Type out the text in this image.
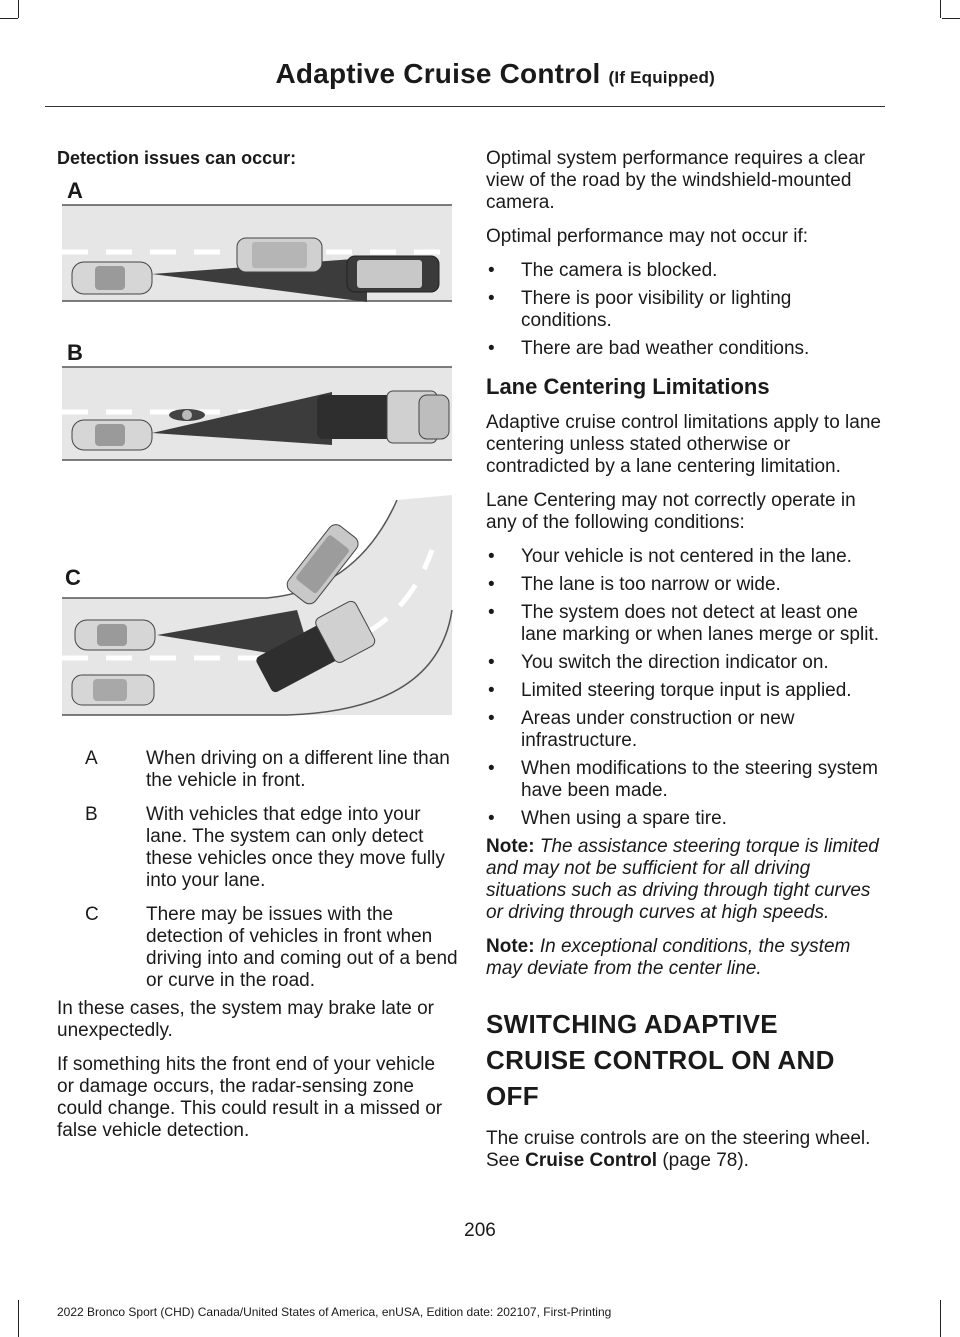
Adaptive Cruise Control (If Equipped)
Detection issues can occur:
A
B
C
A	When driving on a different line than the vehicle in front.
B	With vehicles that edge into your lane. The system can only detect these vehicles once they move fully into your lane.
C	There may be issues with the detection of vehicles in front when driving into and coming out of a bend or curve in the road.

In these cases, the system may brake late or unexpectedly.

If something hits the front end of your vehicle or damage occurs, the radar-sensing zone could change. This could result in a missed or false vehicle detection.

Optimal system performance requires a clear view of the road by the windshield-mounted camera.

Optimal performance may not occur if:

• The camera is blocked.
• There is poor visibility or lighting conditions.
• There are bad weather conditions.
Lane Centering Limitations

Adaptive cruise control limitations apply to lane centering unless stated otherwise or contradicted by a lane centering limitation.

Lane Centering may not correctly operate in any of the following conditions:

• Your vehicle is not centered in the lane.
• The lane is too narrow or wide.
• The system does not detect at least one lane marking or when lanes merge or split.
• You switch the direction indicator on.
• Limited steering torque input is applied.
• Areas under construction or new infrastructure.
• When modifications to the steering system have been made.
• When using a spare tire.

Note: The assistance steering torque is limited and may not be sufficient for all driving situations such as driving through tight curves or driving through curves at high speeds.

Note: In exceptional conditions, the system may deviate from the center line.

SWITCHING ADAPTIVE
CRUISE CONTROL ON AND OFF

The cruise controls are on the steering wheel. See Cruise Control (page 78).

206
2022 Bronco Sport (CHD) Canada/United States of America, enUSA, Edition date: 202107, First-Printing
